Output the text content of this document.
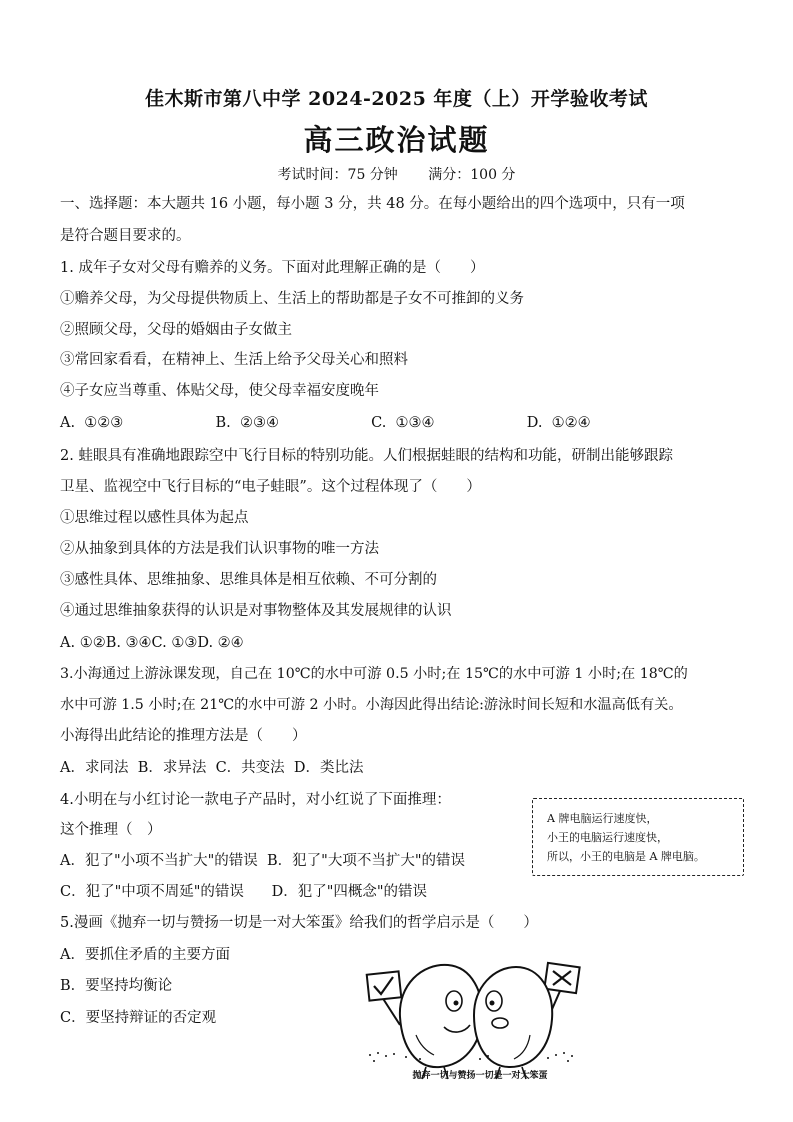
佳木斯市第八中学 2024-2025 年度（上）开学验收考试
高三政治试题
考试时间：75 分钟 满分：100 分
一、选择题：本大题共 16 小题，每小题 3 分，共 48 分。在每小题给出的四个选项中，只有一项
是符合题目要求的。
1. 成年子女对父母有赡养的义务。下面对此理解正确的是（　　）
①赡养父母，为父母提供物质上、生活上的帮助都是子女不可推卸的义务
②照顾父母，父母的婚姻由子女做主
③常回家看看，在精神上、生活上给予父母关心和照料
④子女应当尊重、体贴父母，使父母幸福安度晚年
A.  ①②③                    B.  ②③④                    C.  ①③④                    D.  ①②④
2. 蛙眼具有准确地跟踪空中飞行目标的特别功能。人们根据蛙眼的结构和功能，研制出能够跟踪
卫星、监视空中飞行目标的“电子蛙眼”。这个过程体现了（　　）
①思维过程以感性具体为起点
②从抽象到具体的方法是我们认识事物的唯一方法
③感性具体、思维抽象、思维具体是相互依赖、不可分割的
④通过思维抽象获得的认识是对事物整体及其发展规律的认识
A. ①②B. ③④C. ①③D. ②④
3.小海通过上游泳课发现，自己在 10℃的水中可游 0.5 小时;在 15℃的水中可游 1 小时;在 18℃的
水中可游 1.5 小时;在 21℃的水中可游 2 小时。小海因此得出结论:游泳时间长短和水温高低有关。
小海得出此结论的推理方法是（　　）
A．求同法  B．求异法  C．共变法  D．类比法
4.小明在与小红讨论一款电子产品时，对小红说了下面推理：
这个推理（　）
A．犯了"小项不当扩大"的错误  B．犯了"大项不当扩大"的错误
C．犯了"中项不周延"的错误      D．犯了"四概念"的错误
A 牌电脑运行速度快，
小王的电脑运行速度快，
所以，小王的电脑是 A 牌电脑。
5.漫画《抛弃一切与赞扬一切是一对大笨蛋》给我们的哲学启示是（　　）
A．要抓住矛盾的主要方面
B．要坚持均衡论
C．要坚持辩证的否定观
抛弃一切与赞扬一切是一对大笨蛋
